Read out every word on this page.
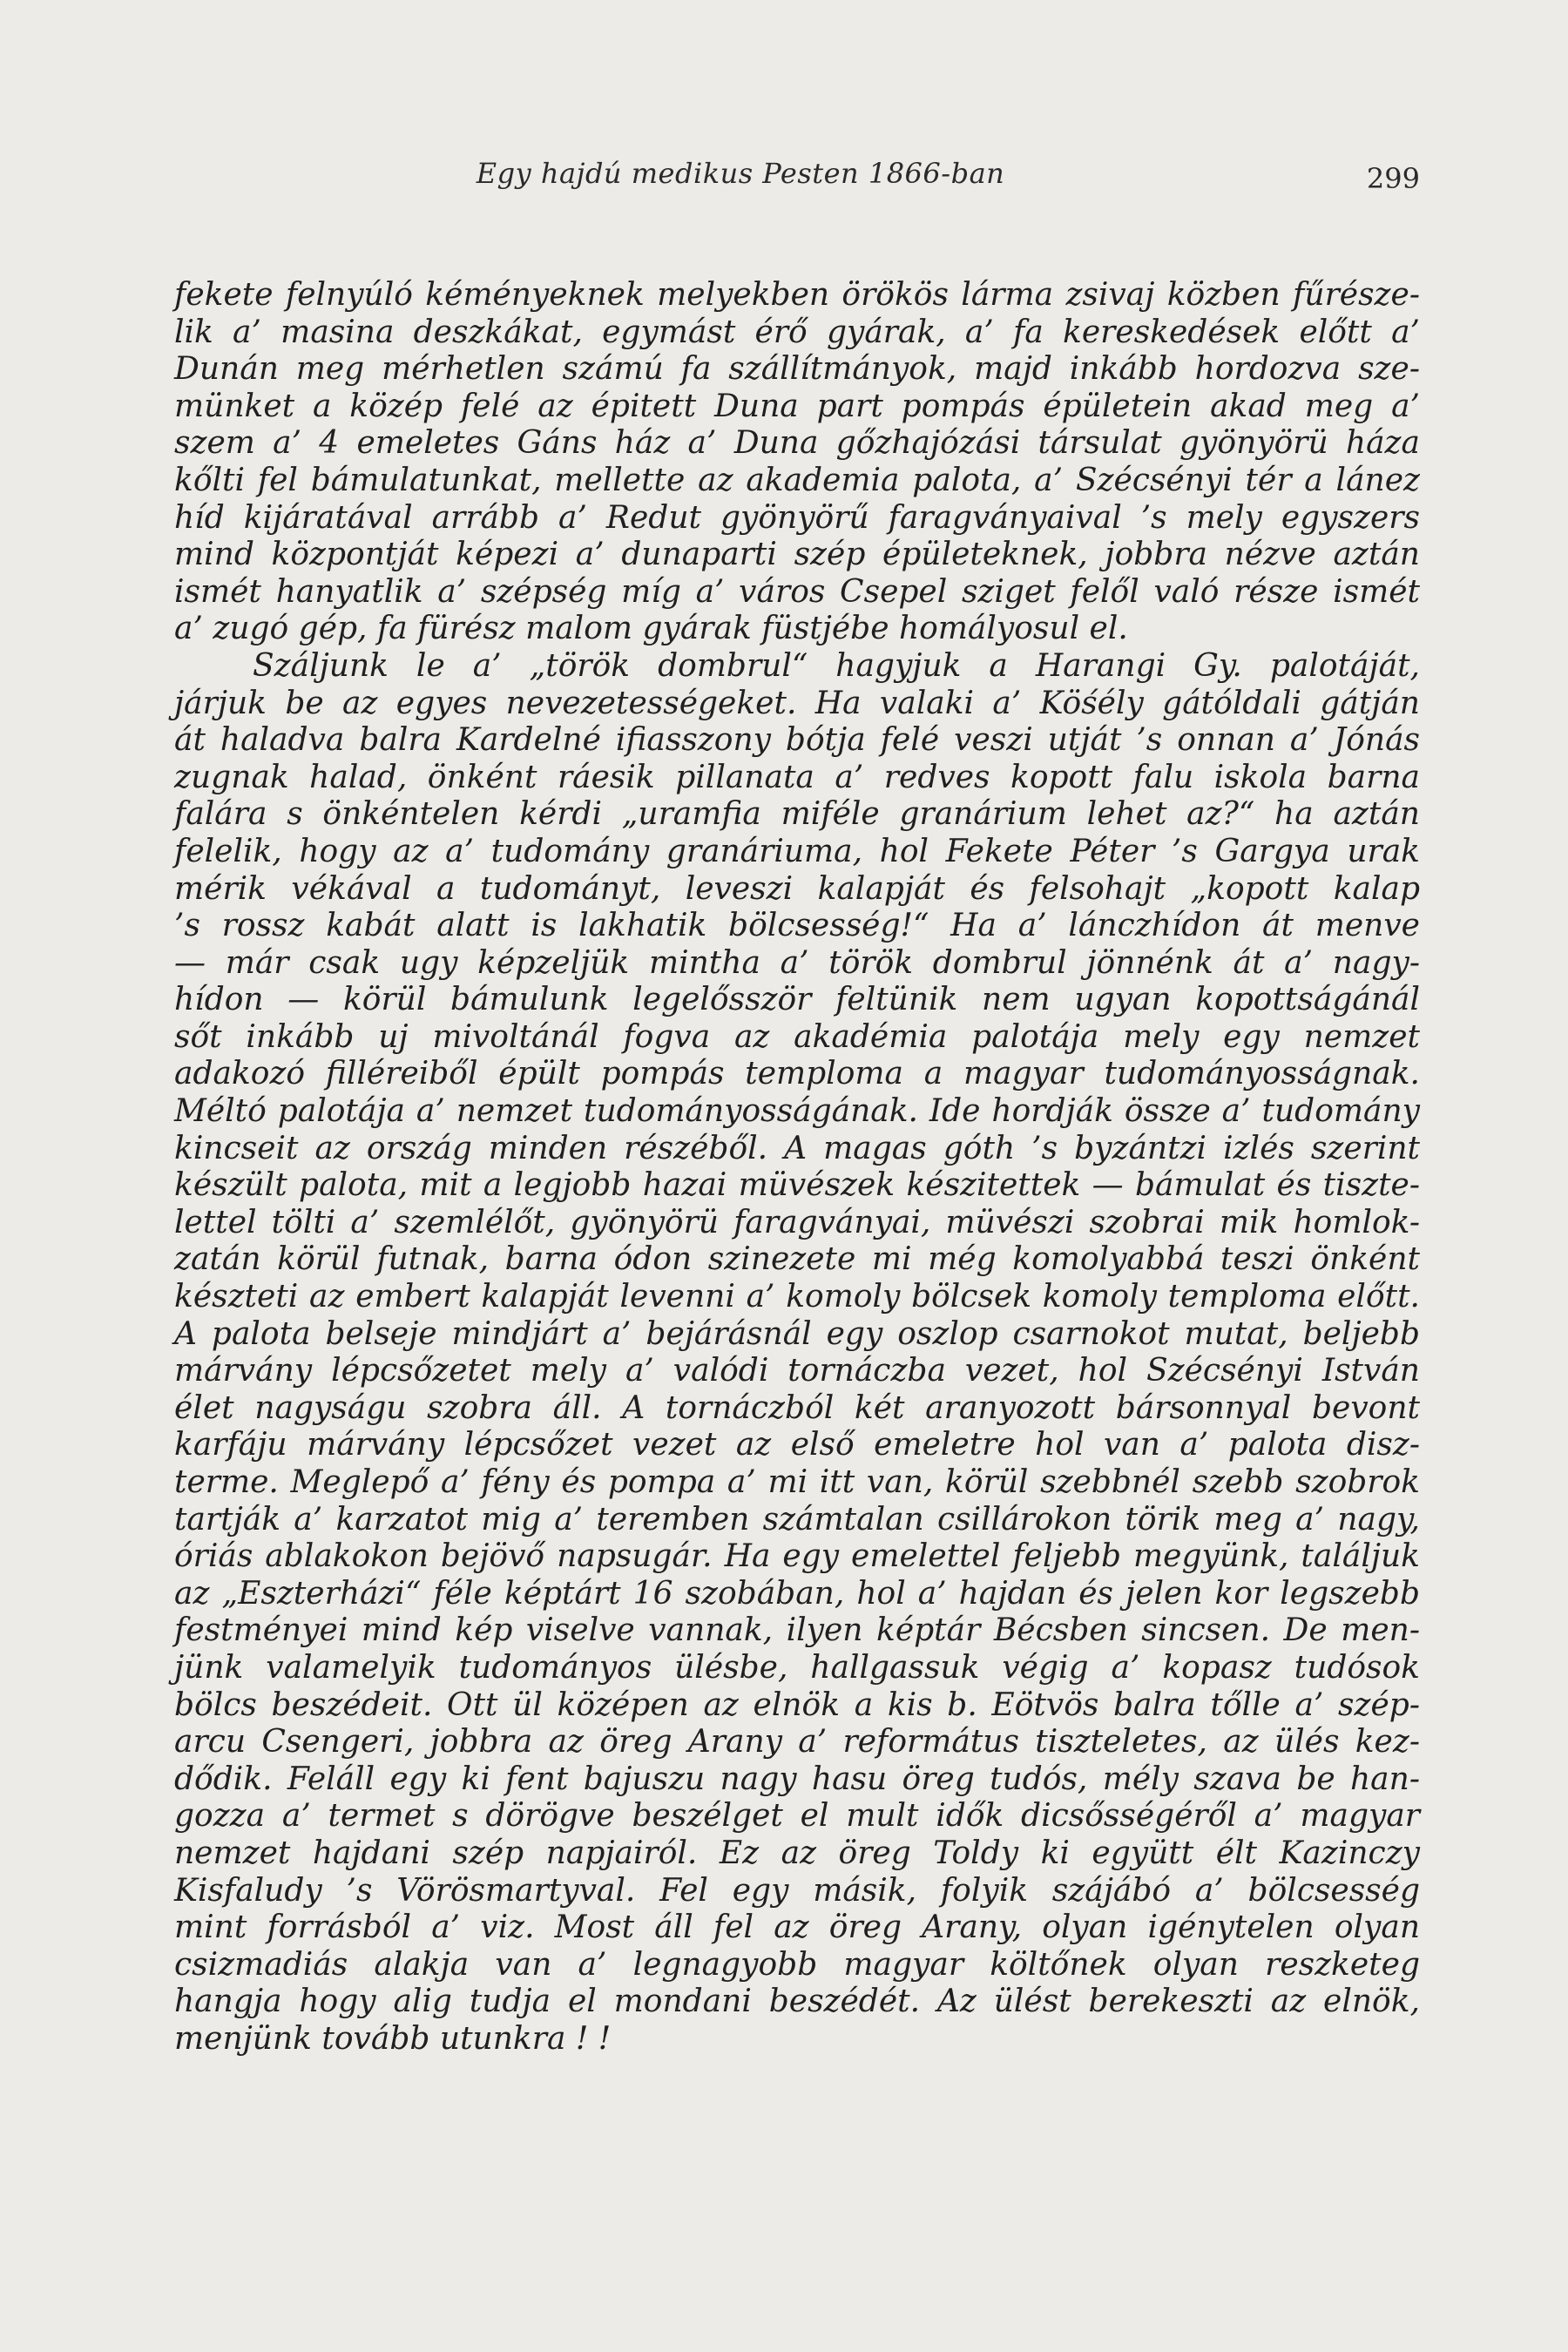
Egy hajdú medikus Pesten 1866-ban	299
fekete felnyúló kéményeknek melyekben örökös lárma zsivaj közben fűrésze-
lik a’ masina deszkákat, egymást érő gyárak, a’ fa kereskedések előtt a’
Dunán meg mérhetlen számú fa szállítmányok, majd inkább hordozva sze-
münket a közép felé az épitett Duna part pompás épületein akad meg a’
szem a’ 4 emeletes Gáns ház a’ Duna gőzhajózási társulat gyönyörü háza
kőlti fel bámulatunkat, mellette az akademia palota, a’ Szécsényi tér a lánez
híd kijáratával arrább a’ Redut gyönyörű faragványaival ’s mely egyszers
mind központját képezi a’ dunaparti szép épületeknek, jobbra nézve aztán
ismét hanyatlik a’ szépség míg a’ város Csepel sziget felől való része ismét
a’ zugó gép, fa fürész malom gyárak füstjébe homályosul el.
Száljunk le a’ „török dombrul“ hagyjuk a Harangi Gy. palotáját,
járjuk be az egyes nevezetességeket. Ha valaki a’ Köśély gátóldali gátján
át haladva balra Kardelné ifiasszony bótja felé veszi utját ’s onnan a’ Jónás
zugnak halad, önként ráesik pillanata a’ redves kopott falu iskola barna
falára s önkéntelen kérdi „uramfia miféle granárium lehet az?“ ha aztán
felelik, hogy az a’ tudomány granáriuma, hol Fekete Péter ’s Gargya urak
mérik vékával a tudományt, leveszi kalapját és felsohajt „kopott kalap
’s rossz kabát alatt is lakhatik bölcsesség!“ Ha a’ lánczhídon át menve
— már csak ugy képzeljük mintha a’ török dombrul jönnénk át a’ nagy-
hídon — körül bámulunk legelősször feltünik nem ugyan kopottságánál
sőt inkább uj mivoltánál fogva az akadémia palotája mely egy nemzet
adakozó filléreiből épült pompás temploma a magyar tudományosságnak.
Méltó palotája a’ nemzet tudományosságának. Ide hordják össze a’ tudomány
kincseit az ország minden részéből. A magas góth ’s byzántzi izlés szerint
készült palota, mit a legjobb hazai müvészek készitettek — bámulat és tiszte-
lettel tölti a’ szemlélőt, gyönyörü faragványai, müvészi szobrai mik homlok-
zatán körül futnak, barna ódon szinezete mi még komolyabbá teszi önként
készteti az embert kalapját levenni a’ komoly bölcsek komoly temploma előtt.
A palota belseje mindjárt a’ bejárásnál egy oszlop csarnokot mutat, beljebb
márvány lépcsőzetet mely a’ valódi tornáczba vezet, hol Szécsényi István
élet nagyságu szobra áll. A tornáczból két aranyozott bársonnyal bevont
karfáju márvány lépcsőzet vezet az első emeletre hol van a’ palota disz-
terme. Meglepő a’ fény és pompa a’ mi itt van, körül szebbnél szebb szobrok
tartják a’ karzatot mig a’ teremben számtalan csillárokon törik meg a’ nagy,
óriás ablakokon bejövő napsugár. Ha egy emelettel feljebb megyünk, találjuk
az „Eszterházi“ féle képtárt 16 szobában, hol a’ hajdan és jelen kor legszebb
festményei mind kép viselve vannak, ilyen képtár Bécsben sincsen. De men-
jünk valamelyik tudományos ülésbe, hallgassuk végig a’ kopasz tudósok
bölcs beszédeit. Ott ül középen az elnök a kis b. Eötvös balra tőlle a’ szép-
arcu Csengeri, jobbra az öreg Arany a’ református tiszteletes, az ülés kez-
dődik. Feláll egy ki fent bajuszu nagy hasu öreg tudós, mély szava be han-
gozza a’ termet s dörögve beszélget el mult idők dicsősségéről a’ magyar
nemzet hajdani szép napjairól. Ez az öreg Toldy ki együtt élt Kazinczy
Kisfaludy ’s Vörösmartyval. Fel egy másik, folyik szájábó a’ bölcsesség
mint forrásból a’ viz. Most áll fel az öreg Arany, olyan igénytelen olyan
csizmadiás alakja van a’ legnagyobb magyar költőnek olyan reszketeg
hangja hogy alig tudja el mondani beszédét. Az ülést berekeszti az elnök,
menjünk tovább utunkra ! !
